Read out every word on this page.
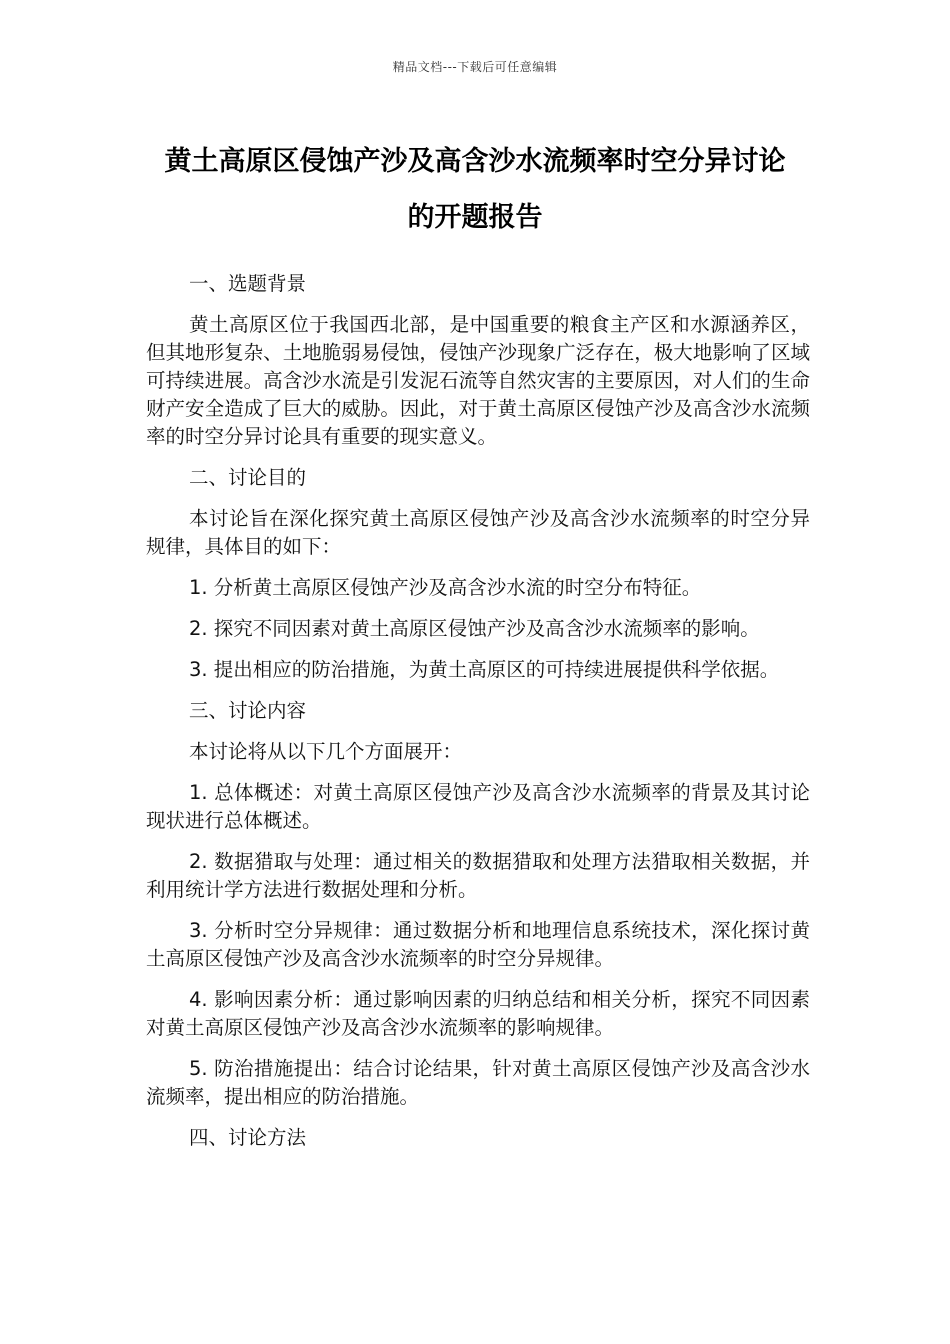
精品文档---下载后可任意编辑
黄土高原区侵蚀产沙及高含沙水流频率时空分异讨论
的开题报告
一、选题背景
黄土高原区位于我国西北部，是中国重要的粮食主产区和水源涵养区，但其地形复杂、土地脆弱易侵蚀，侵蚀产沙现象广泛存在，极大地影响了区域可持续进展。高含沙水流是引发泥石流等自然灾害的主要原因，对人们的生命财产安全造成了巨大的威胁。因此，对于黄土高原区侵蚀产沙及高含沙水流频率的时空分异讨论具有重要的现实意义。
二、讨论目的
本讨论旨在深化探究黄土高原区侵蚀产沙及高含沙水流频率的时空分异规律，具体目的如下：
1. 分析黄土高原区侵蚀产沙及高含沙水流的时空分布特征。
2. 探究不同因素对黄土高原区侵蚀产沙及高含沙水流频率的影响。
3. 提出相应的防治措施，为黄土高原区的可持续进展提供科学依据。
三、讨论内容
本讨论将从以下几个方面展开：
1. 总体概述：对黄土高原区侵蚀产沙及高含沙水流频率的背景及其讨论现状进行总体概述。
2. 数据猎取与处理：通过相关的数据猎取和处理方法猎取相关数据，并利用统计学方法进行数据处理和分析。
3. 分析时空分异规律：通过数据分析和地理信息系统技术，深化探讨黄土高原区侵蚀产沙及高含沙水流频率的时空分异规律。
4. 影响因素分析：通过影响因素的归纳总结和相关分析，探究不同因素对黄土高原区侵蚀产沙及高含沙水流频率的影响规律。
5. 防治措施提出：结合讨论结果，针对黄土高原区侵蚀产沙及高含沙水流频率，提出相应的防治措施。
四、讨论方法
